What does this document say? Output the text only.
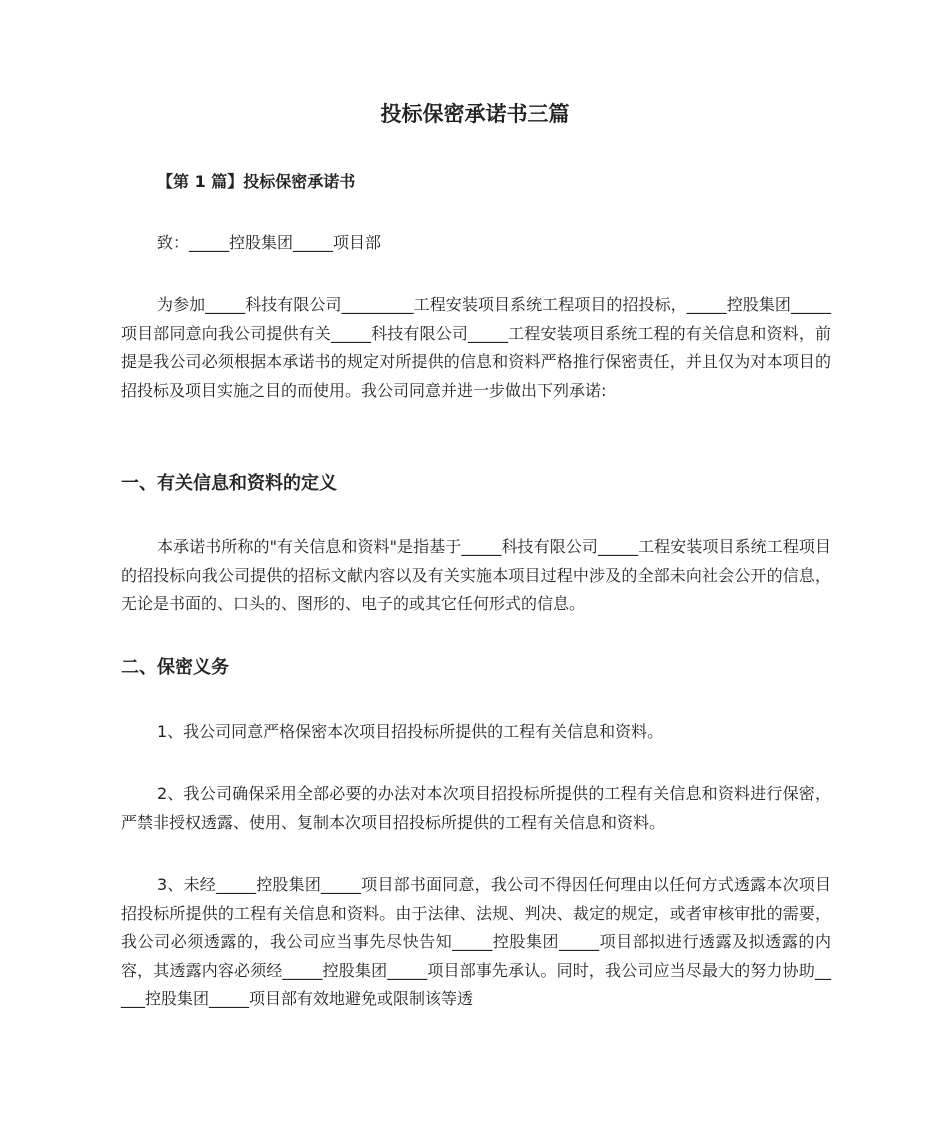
投标保密承诺书三篇
【第 1 篇】投标保密承诺书

致：_____控股集团_____项目部

为参加_____科技有限公司_________工程安装项目系统工程项目的招投标，_____控股集团_____项目部同意向我公司提供有关_____科技有限公司_____工程安装项目系统工程的有关信息和资料，前提是我公司必须根据本承诺书的规定对所提供的信息和资料严格推行保密责任，并且仅为对本项目的招投标及项目实施之目的而使用。我公司同意并进一步做出下列承诺:

一、有关信息和资料的定义

本承诺书所称的"有关信息和资料"是指基于_____科技有限公司_____工程安装项目系统工程项目的招投标向我公司提供的招标文献内容以及有关实施本项目过程中涉及的全部未向社会公开的信息，无论是书面的、口头的、图形的、电子的或其它任何形式的信息。

二、保密义务

1、我公司同意严格保密本次项目招投标所提供的工程有关信息和资料。

2、我公司确保采用全部必要的办法对本次项目招投标所提供的工程有关信息和资料进行保密，严禁非授权透露、使用、复制本次项目招投标所提供的工程有关信息和资料。

3、未经_____控股集团_____项目部书面同意，我公司不得因任何理由以任何方式透露本次项目招投标所提供的工程有关信息和资料。由于法律、法规、判决、裁定的规定，或者审核审批的需要，我公司必须透露的，我公司应当事先尽快告知_____控股集团_____项目部拟进行透露及拟透露的内容，其透露内容必须经_____控股集团_____项目部事先承认。同时，我公司应当尽最大的努力协助_____控股集团_____项目部有效地避免或限制该等透
